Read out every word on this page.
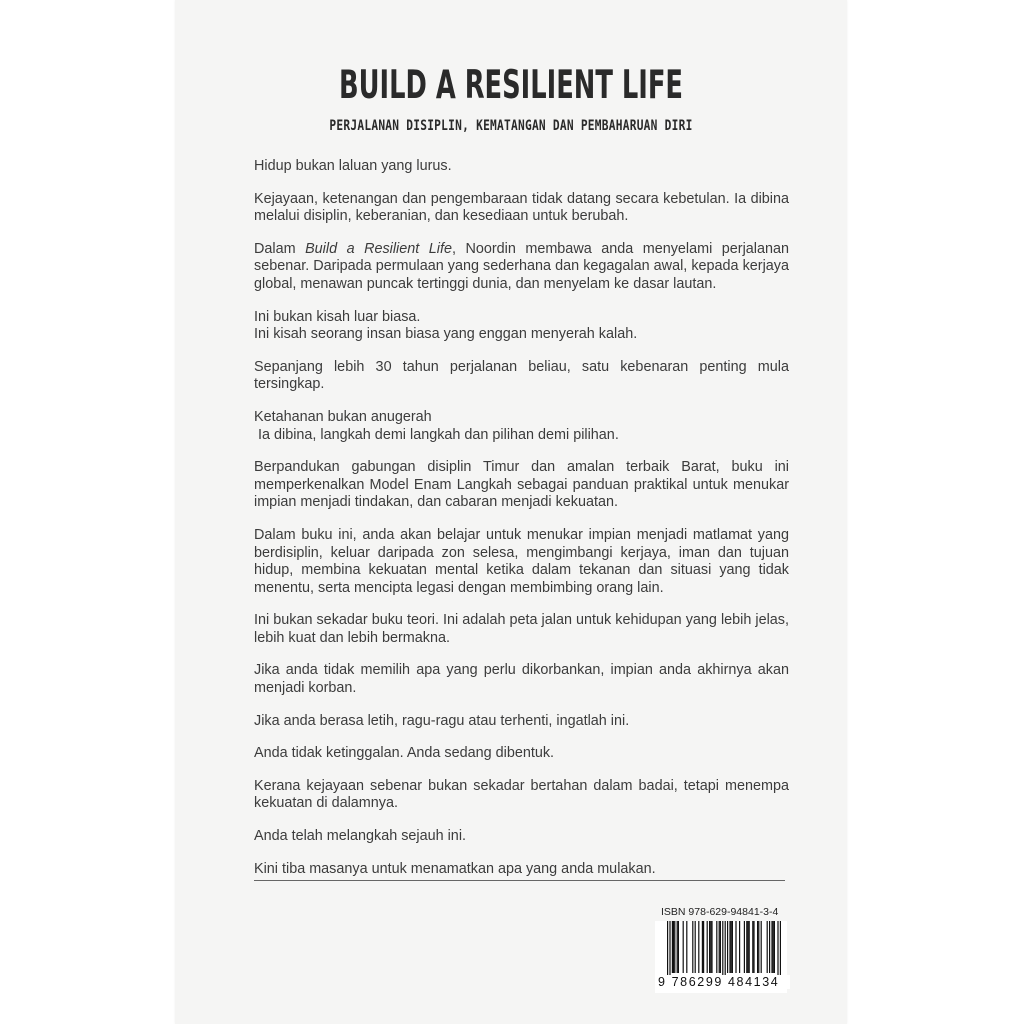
BUILD A RESILIENT LIFE
PERJALANAN DISIPLIN, KEMATANGAN DAN PEMBAHARUAN DIRI

Hidup bukan laluan yang lurus.

Kejayaan, ketenangan dan pengembaraan tidak datang secara kebetulan. Ia dibina melalui disiplin, keberanian, dan kesediaan untuk berubah.

Dalam Build a Resilient Life, Noordin membawa anda menyelami perjalanan sebenar. Daripada permulaan yang sederhana dan kegagalan awal, kepada kerjaya global, menawan puncak tertinggi dunia, dan menyelam ke dasar lautan.

Ini bukan kisah luar biasa.
Ini kisah seorang insan biasa yang enggan menyerah kalah.

Sepanjang lebih 30 tahun perjalanan beliau, satu kebenaran penting mula tersingkap.

Ketahanan bukan anugerah
Ia dibina, langkah demi langkah dan pilihan demi pilihan.

Berpandukan gabungan disiplin Timur dan amalan terbaik Barat, buku ini memperkenalkan Model Enam Langkah sebagai panduan praktikal untuk menukar impian menjadi tindakan, dan cabaran menjadi kekuatan.

Dalam buku ini, anda akan belajar untuk menukar impian menjadi matlamat yang berdisiplin, keluar daripada zon selesa, mengimbangi kerjaya, iman dan tujuan hidup, membina kekuatan mental ketika dalam tekanan dan situasi yang tidak menentu, serta mencipta legasi dengan membimbing orang lain.

Ini bukan sekadar buku teori. Ini adalah peta jalan untuk kehidupan yang lebih jelas, lebih kuat dan lebih bermakna.

Jika anda tidak memilih apa yang perlu dikorbankan, impian anda akhirnya akan menjadi korban.

Jika anda berasa letih, ragu-ragu atau terhenti, ingatlah ini.

Anda tidak ketinggalan. Anda sedang dibentuk.

Kerana kejayaan sebenar bukan sekadar bertahan dalam badai, tetapi menempa kekuatan di dalamnya.

Anda telah melangkah sejauh ini.

Kini tiba masanya untuk menamatkan apa yang anda mulakan.

ISBN 978-629-94841-3-4
9 786299 484134
